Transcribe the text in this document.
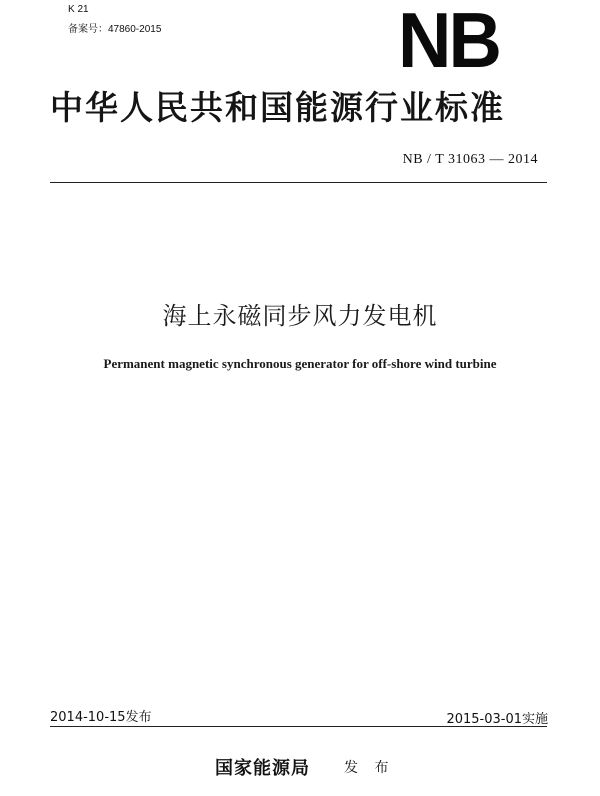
K 21
备案号：47860-2015	NB
中华人民共和国能源行业标准
NB / T 31063 — 2014
海上永磁同步风力发电机
Permanent magnetic synchronous generator for off-shore wind turbine
2014-10-15发布	2015-03-01实施
国家能源局 发 布
